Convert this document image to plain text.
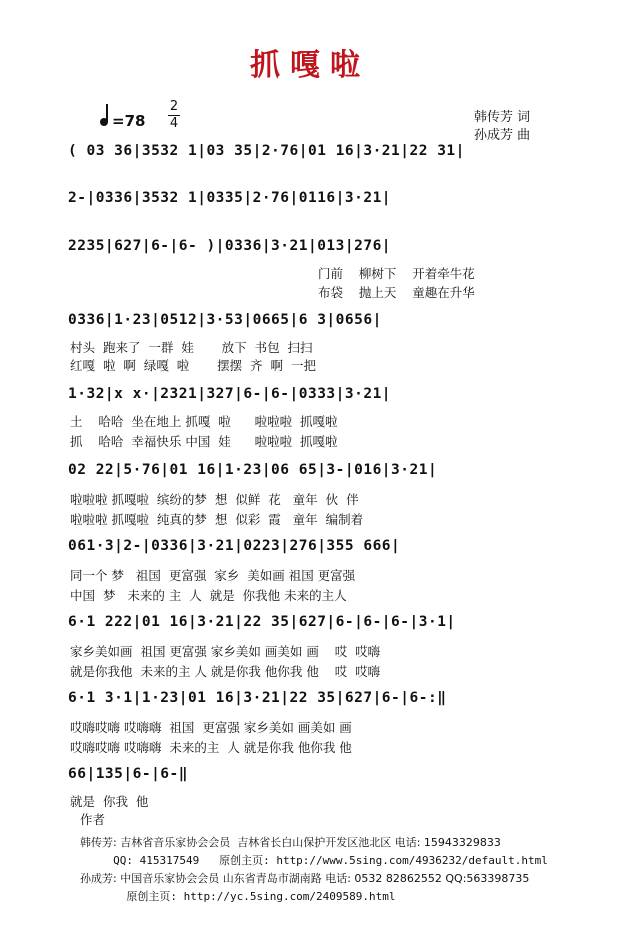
抓嘎啦
=78
2
4	韩传芳 词
孙成芳 曲
( 03 36|3532 1|03 35|2·76|01 16|3·21|22 31|
2-|0336|3532 1|0335|2·76|0116|3·21|
2235|627|6-|6- )|0336|3·21|013|276|
门前    柳树下    开着牵牛花
布袋    抛上天    童趣在升华
0336|1·23|0512|3·53|0665|6 3|0656|
村头  跑来了  一群  娃       放下  书包  扫扫
红嘎  啦  啊  绿嘎  啦       摆摆  齐  啊  一把
1·32|x x·|2321|327|6-|6-|0333|3·21|
土    哈哈  坐在地上 抓嘎  啦      啦啦啦  抓嘎啦
抓    哈哈  幸福快乐 中国  娃      啦啦啦  抓嘎啦
02 22|5·76|01 16|1·23|06 65|3-|016|3·21|
啦啦啦 抓嘎啦  缤纷的梦  想  似鲜  花   童年  伙  伴
啦啦啦 抓嘎啦  纯真的梦  想  似彩  霞   童年  编制着
061·3|2-|0336|3·21|0223|276|355 666|
同一个 梦   祖国  更富强  家乡  美如画 祖国 更富强
中国  梦   未来的 主  人  就是  你我他 未来的主人
6·1 222|01 16|3·21|22 35|627|6-|6-|6-|3·1|
家乡美如画  祖国 更富强 家乡美如 画美如 画    哎  哎嗨
就是你我他  未来的主 人 就是你我 他你我 他    哎  哎嗨
6·1 3·1|1·23|01 16|3·21|22 35|627|6-|6-:‖
哎嗨哎嗨 哎嗨嗨  祖国  更富强 家乡美如 画美如 画
哎嗨哎嗨 哎嗨嗨  未来的主  人 就是你我 他你我 他
66|135|6-|6-‖
就是  你我  他
作者
韩传芳: 吉林省音乐家协会会员  吉林省长白山保护开发区池北区 电话: 15943329833
QQ: 415317549   原创主页: http://www.5sing.com/4936232/default.html
孙成芳: 中国音乐家协会会员 山东省青岛市湖南路 电话: 0532 82862552 QQ:563398735
原创主页: http://yc.5sing.com/2409589.html
